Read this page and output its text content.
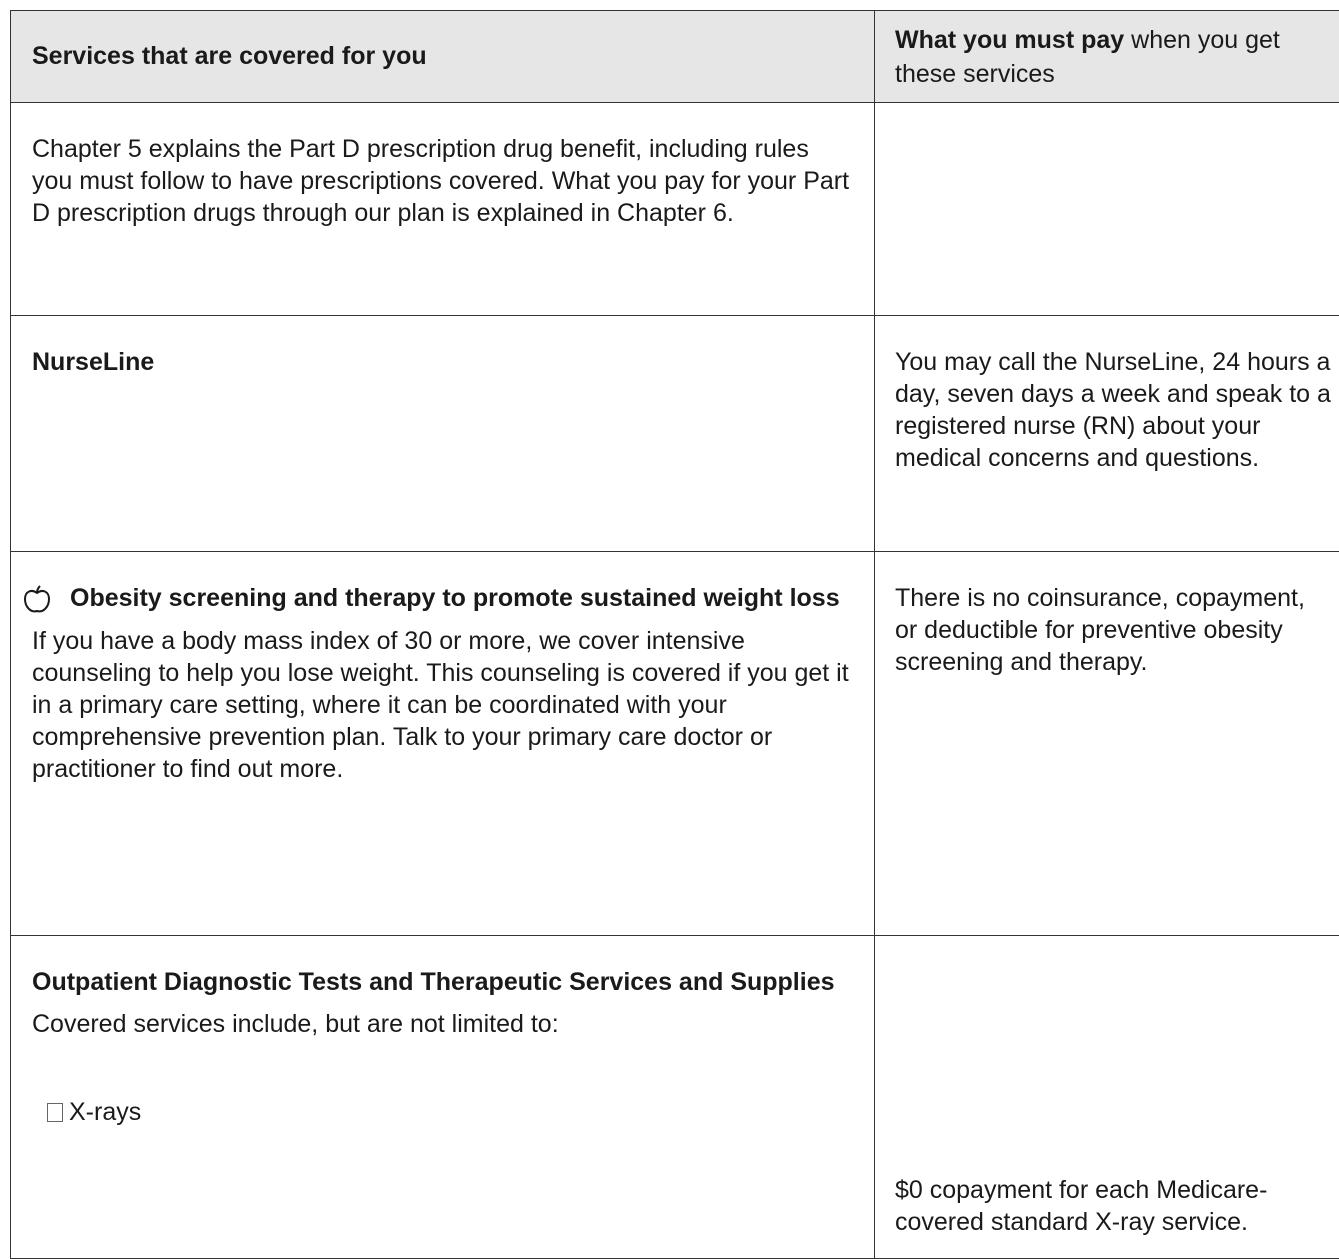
Services that are covered for you	What you must pay when you get these services

Chapter 5 explains the Part D prescription drug benefit, including rules you must follow to have prescriptions covered. What you pay for your Part D prescription drugs through our plan is explained in Chapter 6.	

NurseLine	You may call the NurseLine, 24 hours a day, seven days a week and speak to a registered nurse (RN) about your medical concerns and questions.

Obesity screening and therapy to promote sustained weight loss

If you have a body mass index of 30 or more, we cover intensive counseling to help you lose weight. This counseling is covered if you get it in a primary care setting, where it can be coordinated with your comprehensive prevention plan. Talk to your primary care doctor or practitioner to find out more.	There is no coinsurance, copayment, or deductible for preventive obesity screening and therapy.

Outpatient Diagnostic Tests and Therapeutic Services and Supplies
Covered services include, but are not limited to:
X-rays	$0 copayment for each Medicare-covered standard X-ray service.
